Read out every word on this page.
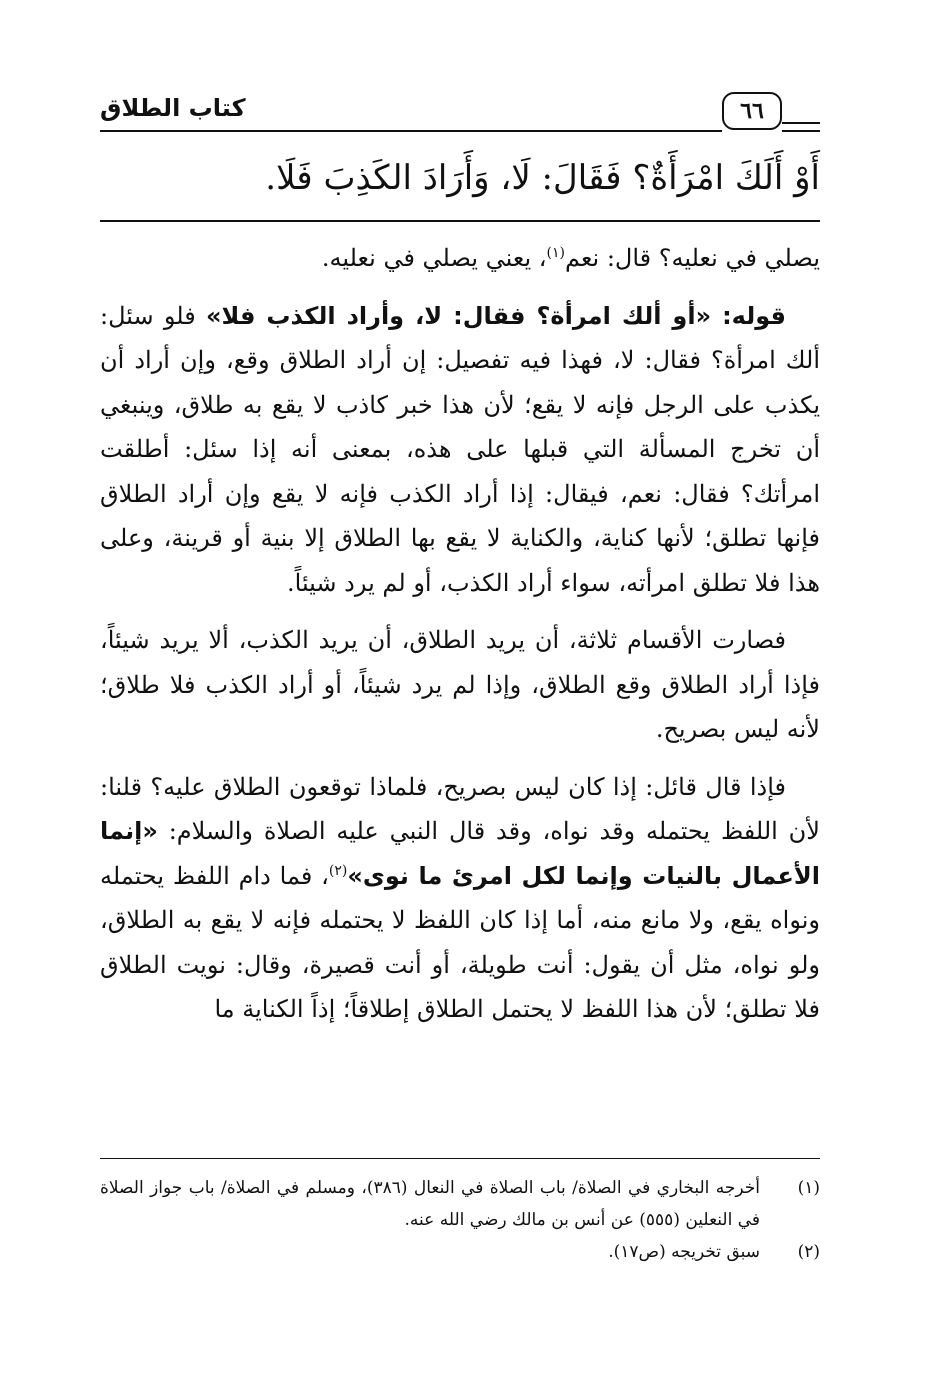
كتاب الطلاق	٦٦
أَوْ أَلَكَ امْرَأَةٌ؟ فَقَالَ: لَا، وَأَرَادَ الكَذِبَ فَلَا.

يصلي في نعليه؟ قال: نعم$^{(١)}$، يعني يصلي في نعليه.

قوله: «أو ألك امرأة؟ فقال: لا، وأراد الكذب فلا» فلو سئل: ألك امرأة؟ فقال: لا، فهذا فيه تفصيل: إن أراد الطلاق وقع، وإن أراد أن يكذب على الرجل فإنه لا يقع؛ لأن هذا خبر كاذب لا يقع به طلاق، وينبغي أن تخرج المسألة التي قبلها على هذه، بمعنى أنه إذا سئل: أطلقت امرأتك؟ فقال: نعم، فيقال: إذا أراد الكذب فإنه لا يقع وإن أراد الطلاق فإنها تطلق؛ لأنها كناية، والكناية لا يقع بها الطلاق إلا بنية أو قرينة، وعلى هذا فلا تطلق امرأته، سواء أراد الكذب، أو لم يرد شيئاً.

فصارت الأقسام ثلاثة، أن يريد الطلاق، أن يريد الكذب، ألا يريد شيئاً، فإذا أراد الطلاق وقع الطلاق، وإذا لم يرد شيئاً، أو أراد الكذب فلا طلاق؛ لأنه ليس بصريح.

فإذا قال قائل: إذا كان ليس بصريح، فلماذا توقعون الطلاق عليه؟ قلنا: لأن اللفظ يحتمله وقد نواه، وقد قال النبي عليه الصلاة والسلام: «إنما الأعمال بالنيات وإنما لكل امرئ ما نوى»$^{(٢)}$، فما دام اللفظ يحتمله ونواه يقع، ولا مانع منه، أما إذا كان اللفظ لا يحتمله فإنه لا يقع به الطلاق، ولو نواه، مثل أن يقول: أنت طويلة، أو أنت قصيرة، وقال: نويت الطلاق فلا تطلق؛ لأن هذا اللفظ لا يحتمل الطلاق إطلاقاً؛ إذاً الكناية ما

(١)
أخرجه البخاري في الصلاة/ باب الصلاة في النعال (٣٨٦)، ومسلم في الصلاة/ باب جواز الصلاة في النعلين (٥٥٥) عن أنس بن مالك رضي الله عنه.
(٢)
سبق تخريجه (ص١٧).
